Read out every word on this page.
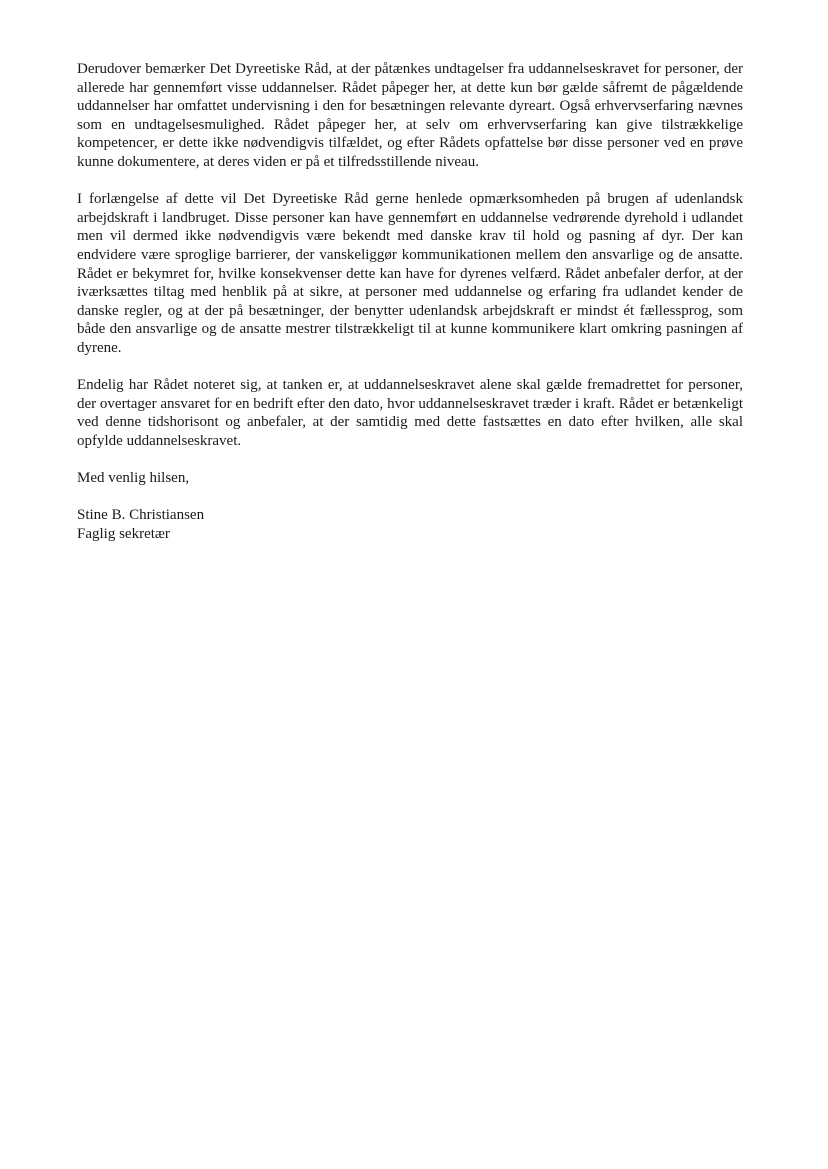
Derudover bemærker Det Dyreetiske Råd, at der påtænkes undtagelser fra uddannelseskravet for personer, der allerede har gennemført visse uddannelser. Rådet påpeger her, at dette kun bør gælde såfremt de pågældende uddannelser har omfattet undervisning i den for besætningen relevante dyreart. Også erhvervserfaring nævnes som en undtagelsesmulighed. Rådet påpeger her, at selv om erhvervserfaring kan give tilstrækkelige kompetencer, er dette ikke nødvendigvis tilfældet, og efter Rådets opfattelse bør disse personer ved en prøve kunne dokumentere, at deres viden er på et tilfredsstillende niveau.

I forlængelse af dette vil Det Dyreetiske Råd gerne henlede opmærksomheden på brugen af udenlandsk arbejdskraft i landbruget. Disse personer kan have gennemført en uddannelse vedrørende dyrehold i udlandet men vil dermed ikke nødvendigvis være bekendt med danske krav til hold og pasning af dyr. Der kan endvidere være sproglige barrierer, der vanskeliggør kommunikationen mellem den ansvarlige og de ansatte. Rådet er bekymret for, hvilke konsekvenser dette kan have for dyrenes velfærd. Rådet anbefaler derfor, at der iværksættes tiltag med henblik på at sikre, at personer med uddannelse og erfaring fra udlandet kender de danske regler, og at der på besætninger, der benytter udenlandsk arbejdskraft er mindst ét fællessprog, som både den ansvarlige og de ansatte mestrer tilstrækkeligt til at kunne kommunikere klart omkring pasningen af dyrene.

Endelig har Rådet noteret sig, at tanken er, at uddannelseskravet alene skal gælde fremadrettet for personer, der overtager ansvaret for en bedrift efter den dato, hvor uddannelseskravet træder i kraft. Rådet er betænkeligt ved denne tidshorisont og anbefaler, at der samtidig med dette fastsættes en dato efter hvilken, alle skal opfylde uddannelseskravet.

Med venlig hilsen,

Stine B. Christiansen
Faglig sekretær
